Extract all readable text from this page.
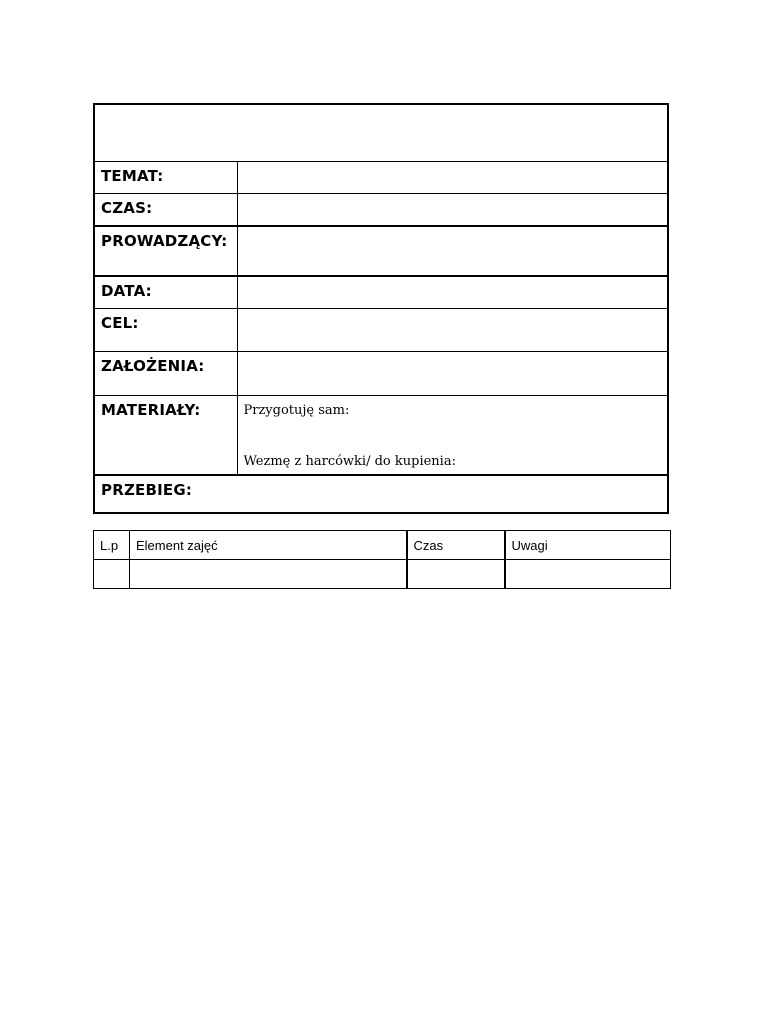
TEMAT:	

CZAS:	

PROWADZĄCY:	

DATA:	

CEL:	

ZAŁOŻENIA:	

MATERIAŁY:	Przygotuję sam:
Wezmę z harcówki/ do kupienia:

PRZEBIEG:	
L.p	Element zajęć	Czas	Uwagi
